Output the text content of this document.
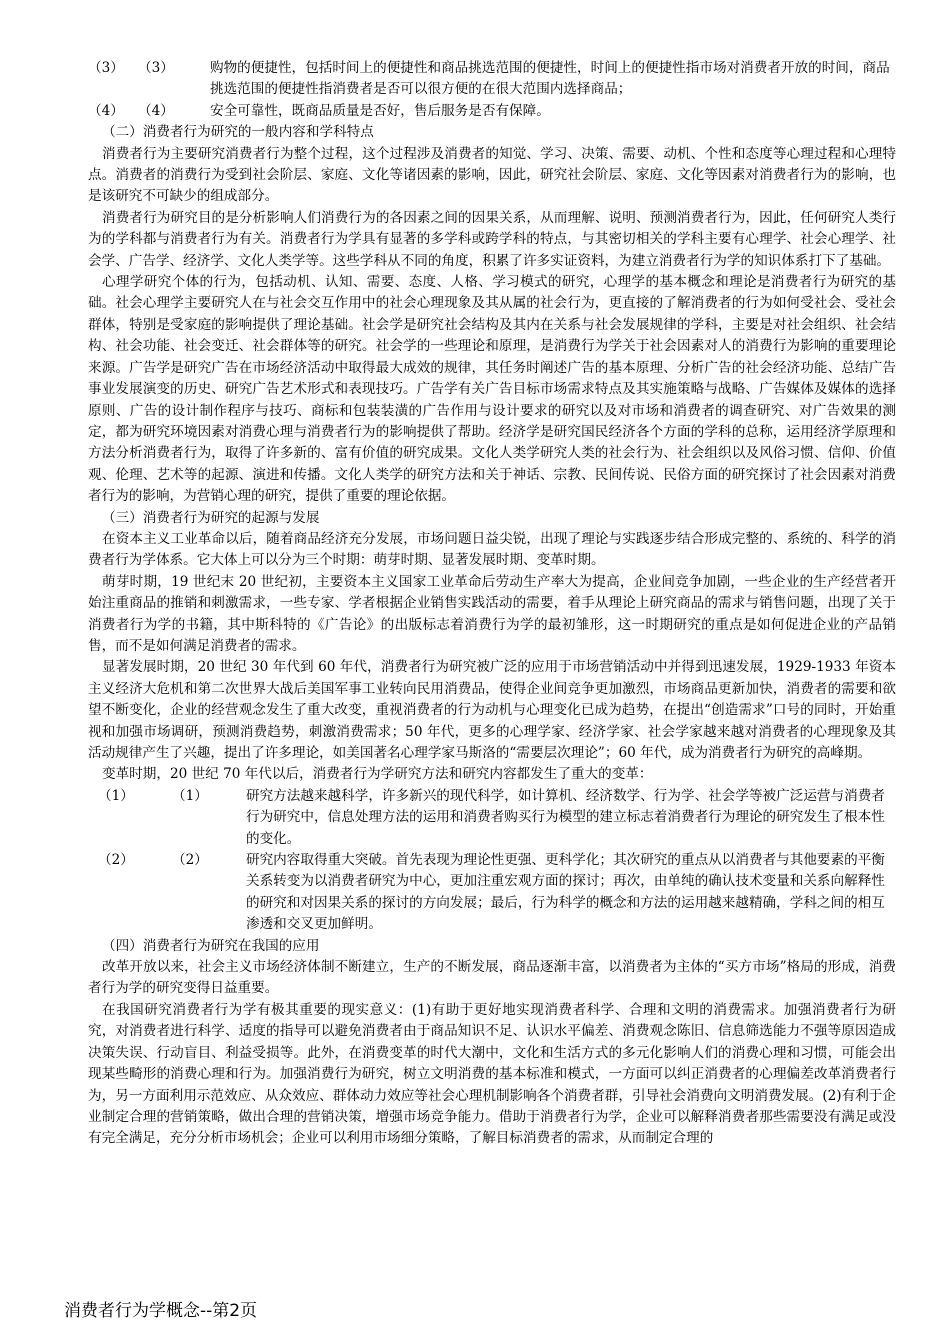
（3） （3）	购物的便捷性，包括时间上的便捷性和商品挑选范围的便捷性，时间上的便捷性指市场对消费者开放的时间，商品挑选范围的便捷性指消费者是否可以很方便的在很大范围内选择商品；
（4） （4）	安全可靠性，既商品质量是否好，售后服务是否有保障。
（二）消费者行为研究的一般内容和学科特点
消费者行为主要研究消费者行为整个过程，这个过程涉及消费者的知觉、学习、决策、需要、动机、个性和态度等心理过程和心理特点。消费者的消费行为受到社会阶层、家庭、文化等诸因素的影响，因此，研究社会阶层、家庭、文化等因素对消费者行为的影响，也是该研究不可缺少的组成部分。
消费者行为研究目的是分析影响人们消费行为的各因素之间的因果关系，从而理解、说明、预测消费者行为，因此，任何研究人类行为的学科都与消费者行为有关。消费者行为学具有显著的多学科或跨学科的特点，与其密切相关的学科主要有心理学、社会心理学、社会学、广告学、经济学、文化人类学等。这些学科从不同的角度，积累了许多实证资料，为建立消费者行为学的知识体系打下了基础。
心理学研究个体的行为，包括动机、认知、需要、态度、人格、学习模式的研究，心理学的基本概念和理论是消费者行为研究的基础。社会心理学主要研究人在与社会交互作用中的社会心理现象及其从属的社会行为，更直接的了解消费者的行为如何受社会、受社会群体，特别是受家庭的影响提供了理论基础。社会学是研究社会结构及其内在关系与社会发展规律的学科，主要是对社会组织、社会结构、社会功能、社会变迁、社会群体等的研究。社会学的一些理论和原理，是消费行为学关于社会因素对人的消费行为影响的重要理论来源。广告学是研究广告在市场经济活动中取得最大成效的规律，其任务时阐述广告的基本原理、分析广告的社会经济功能、总结广告事业发展演变的历史、研究广告艺术形式和表现技巧。广告学有关广告目标市场需求特点及其实施策略与战略、广告媒体及媒体的选择原则、广告的设计制作程序与技巧、商标和包装装潢的广告作用与设计要求的研究以及对市场和消费者的调查研究、对广告效果的测定，都为研究环境因素对消费心理与消费者行为的影响提供了帮助。经济学是研究国民经济各个方面的学科的总称，运用经济学原理和方法分析消费者行为，取得了许多新的、富有价值的研究成果。文化人类学研究人类的社会行为、社会组织以及风俗习惯、信仰、价值观、伦理、艺术等的起源、演进和传播。文化人类学的研究方法和关于神话、宗教、民间传说、民俗方面的研究探讨了社会因素对消费者行为的影响，为营销心理的研究，提供了重要的理论依据。
（三）消费者行为研究的起源与发展
在资本主义工业革命以后，随着商品经济充分发展，市场问题日益尖锐，出现了理论与实践逐步结合形成完整的、系统的、科学的消费者行为学体系。它大体上可以分为三个时期：萌芽时期、显著发展时期、变革时期。
萌芽时期，19 世纪末 20 世纪初，主要资本主义国家工业革命后劳动生产率大为提高，企业间竞争加剧，一些企业的生产经营者开始注重商品的推销和刺激需求，一些专家、学者根据企业销售实践活动的需要，着手从理论上研究商品的需求与销售问题，出现了关于消费者行为学的书籍，其中斯科特的《广告论》的出版标志着消费行为学的最初雏形，这一时期研究的重点是如何促进企业的产品销售，而不是如何满足消费者的需求。
显著发展时期，20 世纪 30 年代到 60 年代，消费者行为研究被广泛的应用于市场营销活动中并得到迅速发展，1929-1933 年资本主义经济大危机和第二次世界大战后美国军事工业转向民用消费品，使得企业间竞争更加激烈，市场商品更新加快，消费者的需要和欲望不断变化，企业的经营观念发生了重大改变，重视消费者的行为动机与心理变化已成为趋势，在提出“创造需求”口号的同时，开始重视和加强市场调研，预测消费趋势，刺激消费需求；50 年代，更多的心理学家、经济学家、社会学家越来越对消费者的心理现象及其活动规律产生了兴趣，提出了许多理论，如美国著名心理学家马斯洛的“需要层次理论”；60 年代，成为消费者行为研究的高峰期。
变革时期，20 世纪 70 年代以后，消费者行为学研究方法和研究内容都发生了重大的变革：
（1）	（1）	研究方法越来越科学，许多新兴的现代科学，如计算机、经济数学、行为学、社会学等被广泛运营与消费者行为研究中，信息处理方法的运用和消费者购买行为模型的建立标志着消费者行为理论的研究发生了根本性的变化。
（2）	（2）	研究内容取得重大突破。首先表现为理论性更强、更科学化；其次研究的重点从以消费者与其他要素的平衡关系转变为以消费者研究为中心，更加注重宏观方面的探讨；再次，由单纯的确认技术变量和关系向解释性的研究和对因果关系的探讨的方向发展；最后，行为科学的概念和方法的运用越来越精确，学科之间的相互渗透和交叉更加鲜明。
（四）消费者行为研究在我国的应用
改革开放以来，社会主义市场经济体制不断建立，生产的不断发展，商品逐渐丰富，以消费者为主体的“买方市场”格局的形成，消费者行为学的研究变得日益重要。
在我国研究消费者行为学有极其重要的现实意义：(1)有助于更好地实现消费者科学、合理和文明的消费需求。加强消费者行为研究，对消费者进行科学、适度的指导可以避免消费者由于商品知识不足、认识水平偏差、消费观念陈旧、信息筛选能力不强等原因造成决策失误、行动盲目、利益受损等。此外，在消费变革的时代大潮中，文化和生活方式的多元化影响人们的消费心理和习惯，可能会出现某些畸形的消费心理和行为。加强消费行为研究，树立文明消费的基本标准和模式，一方面可以纠正消费者的心理偏差改革消费者行为，另一方面利用示范效应、从众效应、群体动力效应等社会心理机制影响各个消费者群，引导社会消费向文明消费发展。(2)有利于企业制定合理的营销策略，做出合理的营销决策，增强市场竞争能力。借助于消费者行为学，企业可以解释消费者那些需要没有满足或没有完全满足，充分分析市场机会；企业可以利用市场细分策略，了解目标消费者的需求，从而制定合理的
消费者行为学概念--第2页
